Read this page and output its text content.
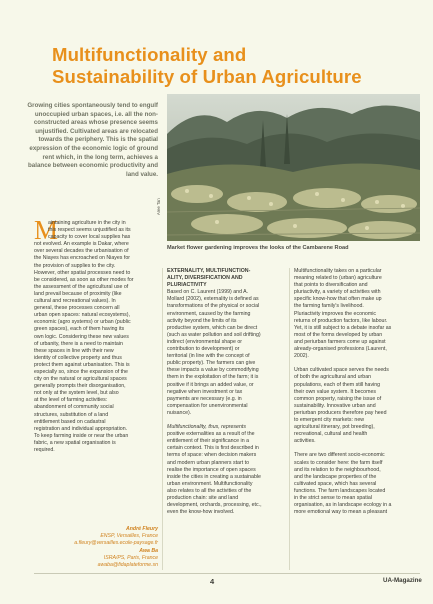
Multifunctionality and
Sustainability of Urban Agriculture
Growing cities spontaneously tend to engulf
unoccupied urban spaces, i.e. all the non-
constructed areas whose presence seems
unjustified. Cultivated areas are relocated
towards the periphery. This is the spatial
expression of the economic logic of ground
rent which, in the long term, achieves a
balance between economic productivity and
land value.
Aree Tan
Market flower gardening improves the looks of the Cambarene Road
M
aintaining agriculture in the city in
this respect seems unjustified as its
capacity to cover local supplies has
not evolved. An example is Dakar, where
over several decades the urbanisation of
the Niayes has encroached on Niayes for
the provision of supplies to the city.
However, other spatial processes need to
be considered, as soon as other modes for
the assessment of the agricultural use of
land prevail because of proximity (like
cultural and recreational values). In
general, these processes concern all
urban open spaces: natural ecosystems),
economic (agro systems) or urban (public
green spaces), each of them having its
own logic. Considering these new values
of urbanity, there is a need to maintain
these spaces in line with their new
identity of collective property and thus
protect them against urbanisation. This is
especially so, since the expansion of the
city on the natural or agricultural spaces
generally prompts their disorganisation,
not only at the system level, but also
at the level of farming activities:
abandonment of community social
structures, substitution of a land
entitlement based on cadastral
registration and individual appropriation.
To keep farming inside or near the urban
fabric, a new spatial organisation is
required.
EXTERNALITY, MULTIFUNCTION-
ALITY, DIVERSIFICATION AND
PLURIACTIVITY
Based on C. Laurent (1999) and A.
Mollard (2002), externality is defined as
transformations of the physical or social
environment, caused by the farming
activity beyond the limits of its
productive system, which can be direct
(such as water pollution and soil drifting)
indirect (environmental shape or
contribution to development) or
territorial (in line with the concept of
public property). The farmers can give
these impacts a value by commodifying
them in the exploitation of the farm; it is
positive if it brings an added value, or
negative when investment or tax
payments are necessary (e.g. in
compensation for unenvironmental
nuisance).

Multifunctionality, thus, represents
positive externalities as a result of the
entitlement of their significance in a
certain context. This is first described in
terms of space: when decision makers
and modern urban planners start to
realise the importance of open spaces
inside the cities in creating a sustainable
urban environment. Multifunctionality
also relates to all the activities of the
production chain: site and land
development, orchards, processing, etc.,
even the know-how involved.
Multifunctionality takes on a particular
meaning related to (urban) agriculture
that points to diversification and
pluriactivity, a variety of activities with
specific know-how that often make up
the farming family's livelihood.
Pluriactivity improves the economic
returns of production factors, like labour.
Yet, it is still subject to a debate insofar as
most of the forms developed by urban
and periurban farmers come up against
already-organised professions (Laurent,
2002).

Urban cultivated space serves the needs
of both the agricultural and urban
populations, each of them still having
their own value system. It becomes
common property, raising the issue of
sustainability. Innovative urban and
periurban producers therefore pay heed
to emergent city markets: new
agricultural itinerary, pot breeding),
recreational, cultural and health
activities.

There are two different socio-economic
scales to consider here: the farm itself
and its relation to the neighbourhood,
and the landscape properties of the
cultivated space, which has several
functions. The farm landscapes located
in the strict sense to mean spatial
organisation, as in landscape ecology in a
more emotional way to mean a pleasant
André Fleury
ENSP, Versailles, France
a.fleury@versailles.ecole-paysage.fr
Awa Ba
ISRA/PS, Paris, France
awaba@fidaplateforme.sn
4	UA-Magazine
